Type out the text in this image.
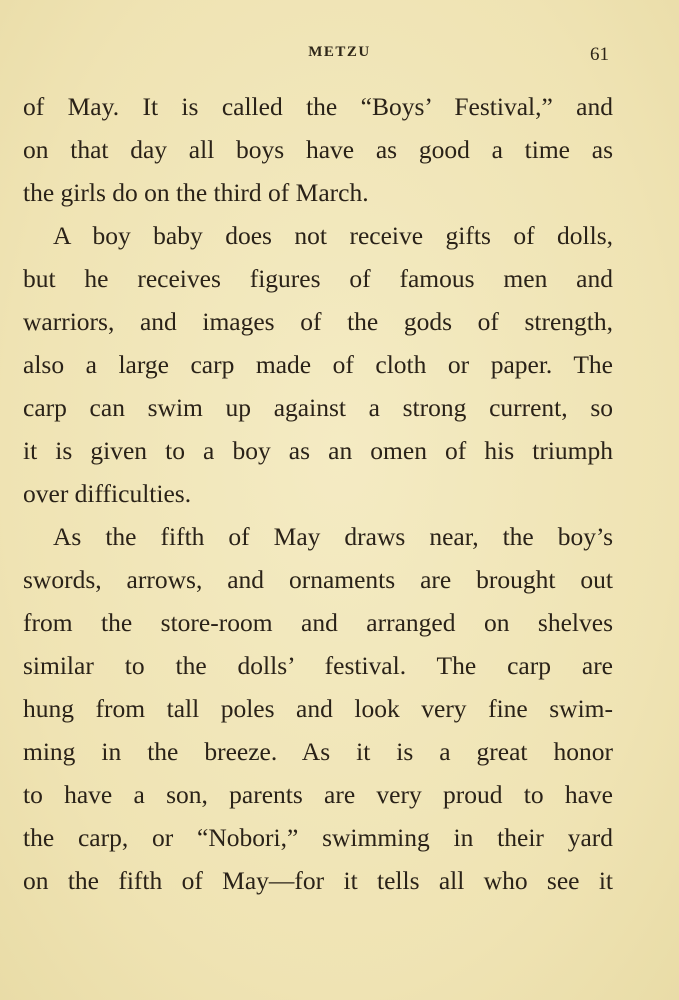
METZU	61
of May. It is called the “Boys’ Festival,” and
on that day all boys have as good a time as
the girls do on the third of March.
A boy baby does not receive gifts of dolls,
but he receives figures of famous men and
warriors, and images of the gods of strength,
also a large carp made of cloth or paper. The
carp can swim up against a strong current, so
it is given to a boy as an omen of his triumph
over difficulties.
As the fifth of May draws near, the boy’s
swords, arrows, and ornaments are brought out
from the store-room and arranged on shelves
similar to the dolls’ festival. The carp are
hung from tall poles and look very fine swim-
ming in the breeze. As it is a great honor
to have a son, parents are very proud to have
the carp, or “Nobori,” swimming in their yard
on the fifth of May—for it tells all who see it
